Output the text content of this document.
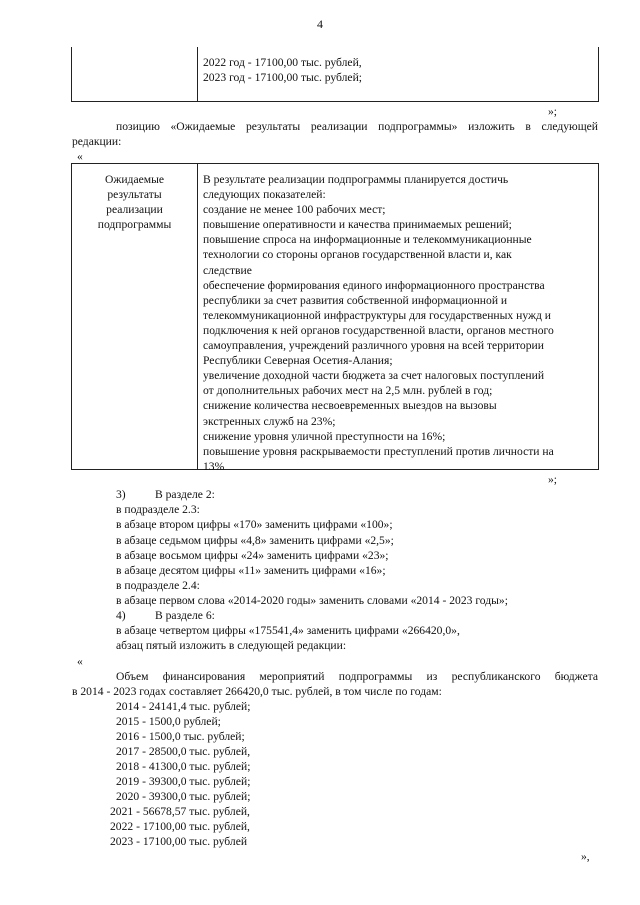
4
2022 год - 17100,00 тыс. рублей,
2023 год - 17100,00 тыс. рублей;
»;
позицию «Ожидаемые результаты реализации подпрограммы» изложить в следующей
редакции:
«
Ожидаемые
результаты
реализации
подпрограммы
В результате реализации подпрограммы планируется достичь
следующих показателей:
создание не менее 100 рабочих мест;
повышение оперативности и качества принимаемых решений;
повышение спроса на информационные и телекоммуникационные
технологии со стороны органов государственной власти и, как
следствие
обеспечение формирования единого информационного пространства
республики за счет развития собственной информационной и
телекоммуникационной инфраструктуры для государственных нужд и
подключения к ней органов государственной власти, органов местного
самоуправления, учреждений различного уровня на всей территории
Республики Северная Осетия-Алания;
увеличение доходной части бюджета за счет налоговых поступлений
от дополнительных рабочих мест на 2,5 млн. рублей в год;
снижение количества несвоевременных выездов на вызовы
экстренных служб на 23%;
снижение уровня уличной преступности на 16%;
повышение уровня раскрываемости преступлений против личности на
13%
»;
3)	В разделе 2:
в подразделе 2.3:
в абзаце втором цифры «170» заменить цифрами «100»;
в абзаце седьмом цифры «4,8» заменить цифрами «2,5»;
в абзаце восьмом цифры «24» заменить цифрами «23»;
в абзаце десятом цифры «11» заменить цифрами «16»;
в подразделе 2.4:
в абзаце первом слова «2014-2020 годы» заменить словами «2014 - 2023 годы»;
4)	В разделе 6:
в абзаце четвертом цифры «175541,4» заменить цифрами «266420,0»,
абзац пятый изложить в следующей редакции:
«
Объем финансирования мероприятий подпрограммы из республиканского бюджета
в 2014 - 2023 годах составляет 266420,0 тыс. рублей, в том числе по годам:
2014 - 24141,4 тыс. рублей;
2015 - 1500,0 рублей;
2016 - 1500,0 тыс. рублей;
2017 - 28500,0 тыс. рублей,
2018 - 41300,0 тыс. рублей;
2019 - 39300,0 тыс. рублей;
2020 - 39300,0 тыс. рублей;
2021 - 56678,57 тыс. рублей,
2022 - 17100,00 тыс. рублей,
2023 - 17100,00 тыс. рублей
»,
